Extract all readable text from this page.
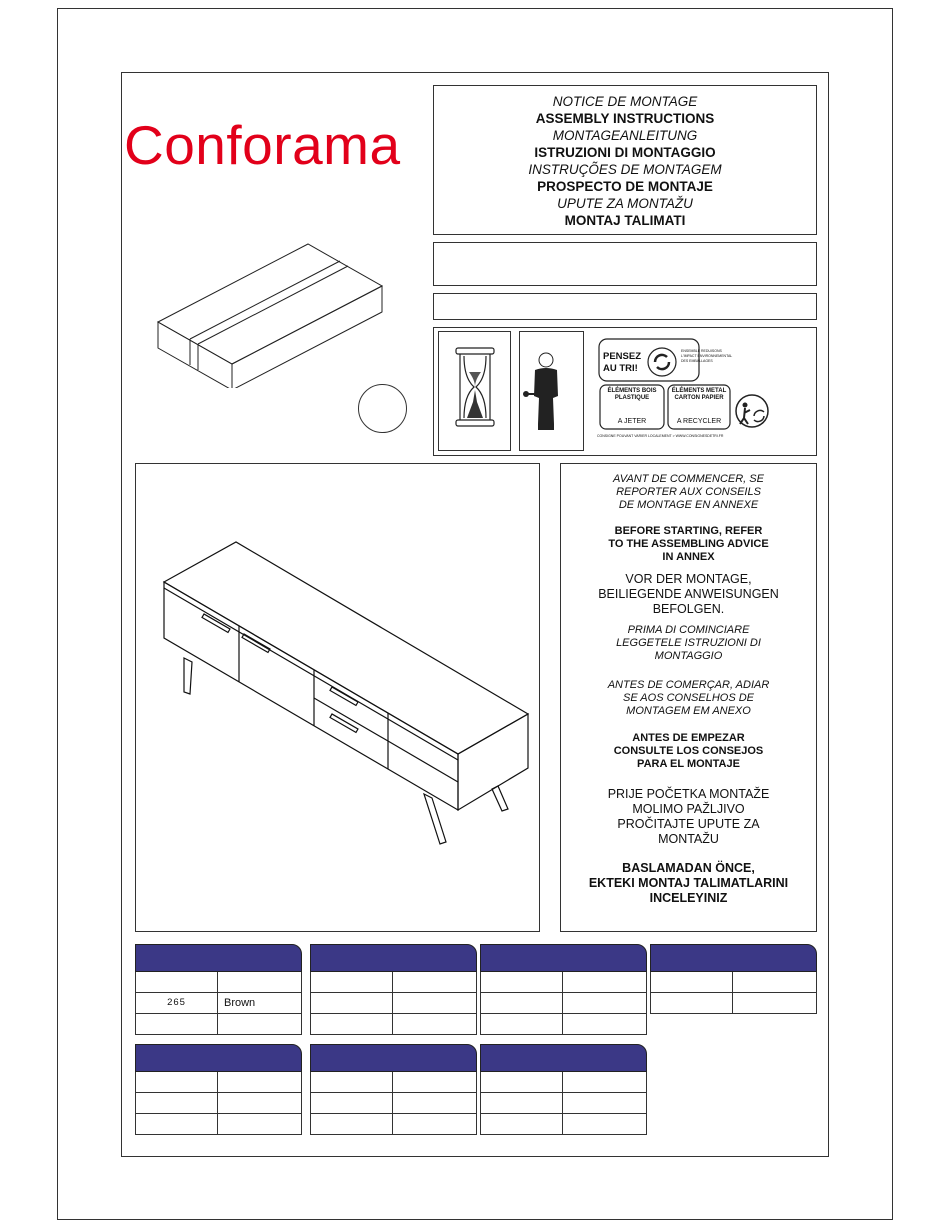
Conforama
NOTICE DE MONTAGE
ASSEMBLY INSTRUCTIONS
MONTAGEANLEITUNG
ISTRUZIONI DI MONTAGGIO
INSTRUÇÕES DE MONTAGEM
PROSPECTO DE MONTAJE
UPUTE ZA MONTAŽU
MONTAJ TALIMATI
PENSEZ
AU TRI!
ENSEMBLE REDUISONS L'IMPACT ENVIRONNEMENTAL DES EMBALLAGES
ÉLÉMENTS BOIS PLASTIQUE
A JETER
ÉLÉMENTS METAL CARTON PAPIER
A RECYCLER
CONSIGNE POUVANT VARIER LOCALEMENT > WWW.CONSIGNESDETRI.FR
AVANT DE COMMENCER, SE
REPORTER AUX CONSEILS
DE MONTAGE EN ANNEXE
BEFORE STARTING, REFER
TO THE ASSEMBLING ADVICE
IN ANNEX
VOR DER MONTAGE,
BEILIEGENDE ANWEISUNGEN
BEFOLGEN.
PRIMA DI COMINCIARE
LEGGETELE ISTRUZIONI DI
MONTAGGIO
ANTES DE COMERÇAR, ADIAR
SE AOS CONSELHOS DE
MONTAGEM EM ANEXO
ANTES DE EMPEZAR
CONSULTE LOS CONSEJOS
PARA EL MONTAJE
PRIJE POČETKA MONTAŽE
MOLIMO PAŽLJIVO
PROČITAJTE UPUTE ZA
MONTAŽU
BASLAMADAN ÖNCE,
EKTEKI MONTAJ TALIMATLARINI
INCELEYINIZ
265	Brown
